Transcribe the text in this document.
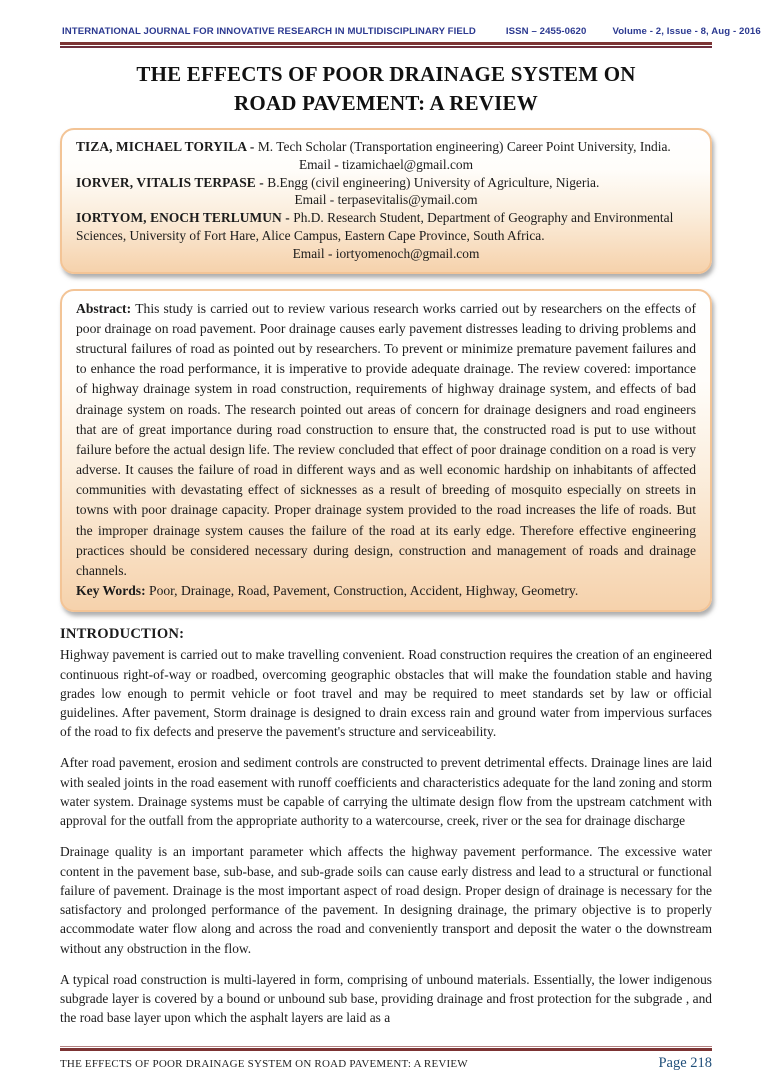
INTERNATIONAL JOURNAL FOR INNOVATIVE RESEARCH IN MULTIDISCIPLINARY FIELD	ISSN – 2455-0620	Volume - 2, Issue - 8, Aug - 2016
THE EFFECTS OF POOR DRAINAGE SYSTEM ON ROAD PAVEMENT: A REVIEW
TIZA, MICHAEL TORYILA - M. Tech Scholar (Transportation engineering) Career Point University, India.
Email - tizamichael@gmail.com
IORVER, VITALIS TERPASE - B.Engg (civil engineering) University of Agriculture, Nigeria.
Email - terpasevitalis@ymail.com
IORTYOM, ENOCH TERLUMUN - Ph.D. Research Student, Department of Geography and Environmental Sciences, University of Fort Hare, Alice Campus, Eastern Cape Province, South Africa.
Email - iortyomenoch@gmail.com
Abstract: This study is carried out to review various research works carried out by researchers on the effects of poor drainage on road pavement. Poor drainage causes early pavement distresses leading to driving problems and structural failures of road as pointed out by researchers. To prevent or minimize premature pavement failures and to enhance the road performance, it is imperative to provide adequate drainage. The review covered: importance of highway drainage system in road construction, requirements of highway drainage system, and effects of bad drainage system on roads. The research pointed out areas of concern for drainage designers and road engineers that are of great importance during road construction to ensure that, the constructed road is put to use without failure before the actual design life. The review concluded that effect of poor drainage condition on a road is very adverse. It causes the failure of road in different ways and as well economic hardship on inhabitants of affected communities with devastating effect of sicknesses as a result of breeding of mosquito especially on streets in towns with poor drainage capacity. Proper drainage system provided to the road increases the life of roads. But the improper drainage system causes the failure of the road at its early edge. Therefore effective engineering practices should be considered necessary during design, construction and management of roads and drainage channels.
Key Words: Poor, Drainage, Road, Pavement, Construction, Accident, Highway, Geometry.
INTRODUCTION:

Highway pavement is carried out to make travelling convenient. Road construction requires the creation of an engineered continuous right-of-way or roadbed, overcoming geographic obstacles that will make the foundation stable and having grades low enough to permit vehicle or foot travel and may be required to meet standards set by law or official guidelines. After pavement, Storm drainage is designed to drain excess rain and ground water from impervious surfaces of the road to fix defects and preserve the pavement's structure and serviceability.

After road pavement, erosion and sediment controls are constructed to prevent detrimental effects. Drainage lines are laid with sealed joints in the road easement with runoff coefficients and characteristics adequate for the land zoning and storm water system. Drainage systems must be capable of carrying the ultimate design flow from the upstream catchment with approval for the outfall from the appropriate authority to a watercourse, creek, river or the sea for drainage discharge

Drainage quality is an important parameter which affects the highway pavement performance. The excessive water content in the pavement base, sub-base, and sub-grade soils can cause early distress and lead to a structural or functional failure of pavement. Drainage is the most important aspect of road design. Proper design of drainage is necessary for the satisfactory and prolonged performance of the pavement. In designing drainage, the primary objective is to properly accommodate water flow along and across the road and conveniently transport and deposit the water o the downstream without any obstruction in the flow.

A typical road construction is multi-layered in form, comprising of unbound materials. Essentially, the lower indigenous subgrade layer is covered by a bound or unbound sub base, providing drainage and frost protection for the subgrade , and the road base layer upon which the asphalt layers are laid as a

THE EFFECTS OF POOR DRAINAGE SYSTEM ON ROAD PAVEMENT: A REVIEW	Page 218
